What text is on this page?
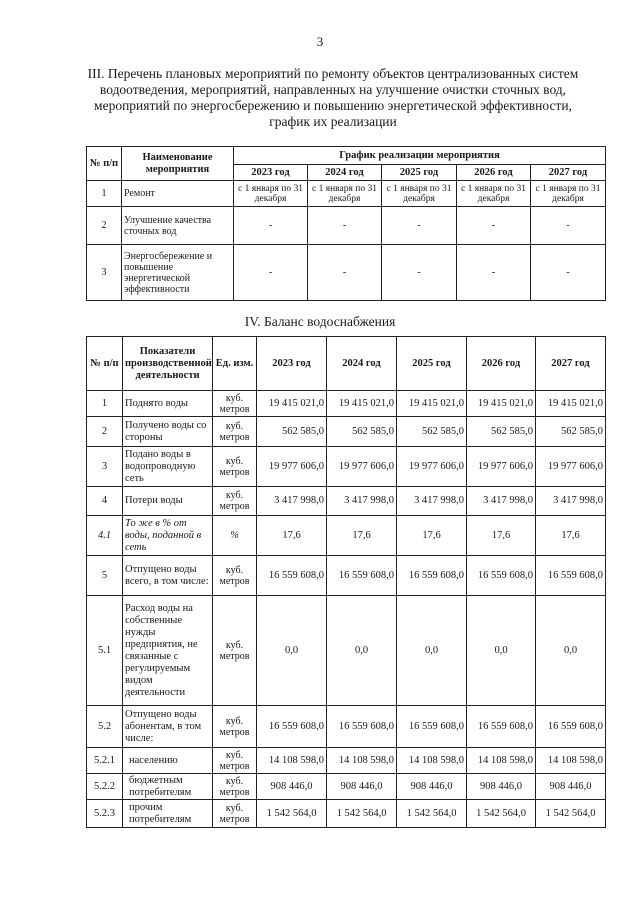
3
III. Перечень плановых мероприятий по ремонту объектов централизованных систем водоотведения, мероприятий, направленных на улучшение очистки сточных вод, мероприятий по энергосбережению и повышению энергетической эффективности, график их реализации
№ п/п	Наименование мероприятия	График реализации мероприятия				
		2023 год	2024 год	2025 год	2026 год	2027 год
1	Ремонт	с 1 января по 31 декабря	с 1 января по 31 декабря	с 1 января по 31 декабря	с 1 января по 31 декабря	с 1 января по 31 декабря
2	Улучшение качества сточных вод	-	-	-	-	-
3	Энергосбережение и повышение энергетической эффективности	-	-	-	-	-
IV. Баланс водоснабжения
№ п/п	Показатели производственной деятельности	Ед. изм.	2023 год	2024 год	2025 год	2026 год	2027 год
1	Поднято воды	куб. метров	19 415 021,0	19 415 021,0	19 415 021,0	19 415 021,0	19 415 021,0
2	Получено воды со стороны	куб. метров	562 585,0	562 585,0	562 585,0	562 585,0	562 585,0
3	Подано воды в водопроводную сеть	куб. метров	19 977 606,0	19 977 606,0	19 977 606,0	19 977 606,0	19 977 606,0
4	Потери воды	куб. метров	3 417 998,0	3 417 998,0	3 417 998,0	3 417 998,0	3 417 998,0
4.1	То же в % от воды, поданной в сеть	%	17,6	17,6	17,6	17,6	17,6
5	Отпущено воды всего, в том числе:	куб. метров	16 559 608,0	16 559 608,0	16 559 608,0	16 559 608,0	16 559 608,0
5.1	Расход воды на собственные нужды предприятия, не связанные с регулируемым видом деятельности	куб. метров	0,0	0,0	0,0	0,0	0,0
5.2	Отпущено воды абонентам, в том числе:	куб. метров	16 559 608,0	16 559 608,0	16 559 608,0	16 559 608,0	16 559 608,0
5.2.1	населению	куб. метров	14 108 598,0	14 108 598,0	14 108 598,0	14 108 598,0	14 108 598,0
5.2.2	бюджетным потребителям	куб. метров	908 446,0	908 446,0	908 446,0	908 446,0	908 446,0
5.2.3	прочим потребителям	куб. метров	1 542 564,0	1 542 564,0	1 542 564,0	1 542 564,0	1 542 564,0
